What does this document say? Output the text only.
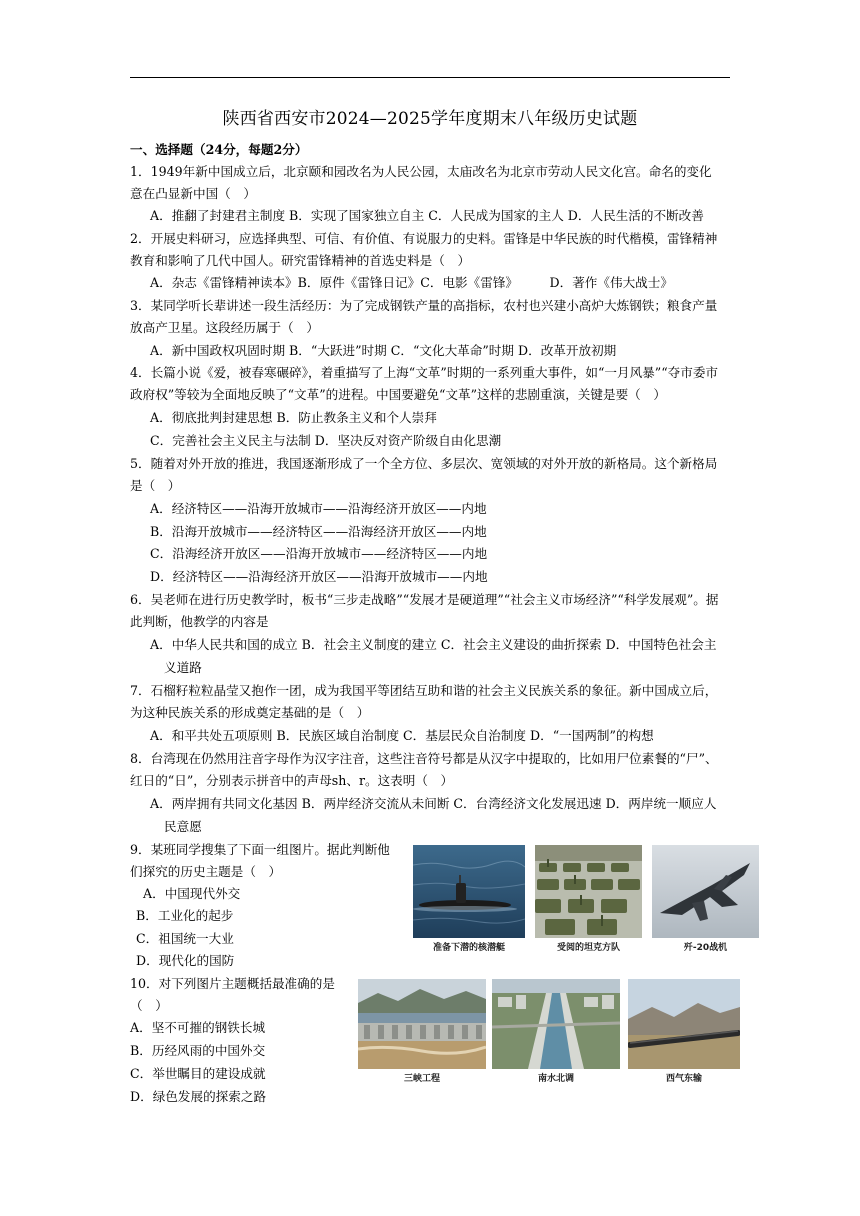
陕西省西安市2024—2025学年度期末八年级历史试题
一、选择题（24分，每题2分）
1．1949年新中国成立后，北京颐和园改名为人民公园，太庙改名为北京市劳动人民文化宫。命名的变化
意在凸显新中国（　）
A．推翻了封建君主制度 B．实现了国家独立自主 C．人民成为国家的主人 D．人民生活的不断改善
2．开展史料研习，应选择典型、可信、有价值、有说服力的史料。雷锋是中华民族的时代楷模，雷锋精神
教育和影响了几代中国人。研究雷锋精神的首选史料是（　）
A．杂志《雷锋精神读本》B．原件《雷锋日记》C．电影《雷锋》　　　D．著作《伟大战士》
3．某同学听长辈讲述一段生活经历：为了完成钢铁产量的高指标，农村也兴建小高炉大炼钢铁；粮食产量
放高产卫星。这段经历属于（　）
A．新中国政权巩固时期 B．“大跃进”时期 C．“文化大革命”时期 D．改革开放初期
4．长篇小说《爱，被春寒碾碎》，着重描写了上海“文革”时期的一系列重大事件，如“一月风暴”“夺市委市
政府权”等较为全面地反映了“文革”的进程。中国要避免“文革”这样的悲剧重演，关键是要（　）
A．彻底批判封建思想 B．防止教条主义和个人崇拜
C．完善社会主义民主与法制 D．坚决反对资产阶级自由化思潮
5．随着对外开放的推进，我国逐渐形成了一个全方位、多层次、宽领域的对外开放的新格局。这个新格局
是（　）
A．经济特区——沿海开放城市——沿海经济开放区——内地
B．沿海开放城市——经济特区——沿海经济开放区——内地
C．沿海经济开放区——沿海开放城市——经济特区——内地
D．经济特区——沿海经济开放区——沿海开放城市——内地
6．吴老师在进行历史教学时，板书“三步走战略”“发展才是硬道理”“社会主义市场经济”“科学发展观”。据
此判断，他教学的内容是
A．中华人民共和国的成立 B．社会主义制度的建立 C．社会主义建设的曲折探索 D．中国特色社会主
义道路
7．石榴籽粒粒晶莹又抱作一团，成为我国平等团结互助和谐的社会主义民族关系的象征。新中国成立后，
为这种民族关系的形成奠定基础的是（　）
A．和平共处五项原则 B．民族区域自治制度 C．基层民众自治制度 D．“一国两制”的构想
8．台湾现在仍然用注音字母作为汉字注音，这些注音符号都是从汉字中提取的，比如用尸位素餐的“尸”、
红日的“日”，分别表示拼音中的声母sh、r。这表明（　）
A．两岸拥有共同文化基因 B．两岸经济交流从未间断 C．台湾经济文化发展迅速 D．两岸统一顺应人
民意愿
9．某班同学搜集了下面一组图片。据此判断他
们探究的历史主题是（　）
A．中国现代外交
B．工业化的起步
C．祖国统一大业
D．现代化的国防
准备下潜的核潜艇	受阅的坦克方队	歼-20战机
10．对下列图片主题概括最准确的是
（　）
A．坚不可摧的钢铁长城
B．历经风雨的中国外交
C．举世瞩目的建设成就
D．绿色发展的探索之路
三峡工程	南水北调	西气东输
